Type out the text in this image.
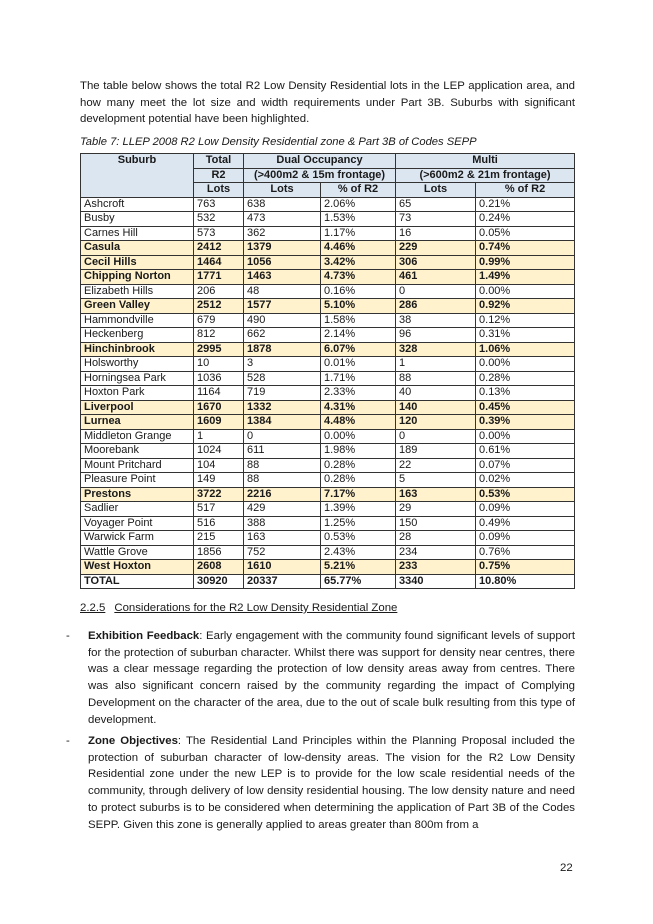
The table below shows the total R2 Low Density Residential lots in the LEP application area, and how many meet the lot size and width requirements under Part 3B. Suburbs with significant development potential have been highlighted.

Table 7: LLEP 2008 R2 Low Density Residential zone & Part 3B of Codes SEPP

Suburb	Total	Dual Occupancy		Multi	
	R2	(>400m2 & 15m frontage)		(>600m2 & 21m frontage)	
	Lots	Lots	% of R2	Lots	% of R2
Ashcroft	763	638	2.06%	65	0.21%
Busby	532	473	1.53%	73	0.24%
Carnes Hill	573	362	1.17%	16	0.05%
Casula	2412	1379	4.46%	229	0.74%
Cecil Hills	1464	1056	3.42%	306	0.99%
Chipping Norton	1771	1463	4.73%	461	1.49%
Elizabeth Hills	206	48	0.16%	0	0.00%
Green Valley	2512	1577	5.10%	286	0.92%
Hammondville	679	490	1.58%	38	0.12%
Heckenberg	812	662	2.14%	96	0.31%
Hinchinbrook	2995	1878	6.07%	328	1.06%
Holsworthy	10	3	0.01%	1	0.00%
Horningsea Park	1036	528	1.71%	88	0.28%
Hoxton Park	1164	719	2.33%	40	0.13%
Liverpool	1670	1332	4.31%	140	0.45%
Lurnea	1609	1384	4.48%	120	0.39%
Middleton Grange	1	0	0.00%	0	0.00%
Moorebank	1024	611	1.98%	189	0.61%
Mount Pritchard	104	88	0.28%	22	0.07%
Pleasure Point	149	88	0.28%	5	0.02%
Prestons	3722	2216	7.17%	163	0.53%
Sadlier	517	429	1.39%	29	0.09%
Voyager Point	516	388	1.25%	150	0.49%
Warwick Farm	215	163	0.53%	28	0.09%
Wattle Grove	1856	752	2.43%	234	0.76%
West Hoxton	2608	1610	5.21%	233	0.75%
TOTAL	30920	20337	65.77%	3340	10.80%

2.2.5 Considerations for the R2 Low Density Residential Zone

- Exhibition Feedback: Early engagement with the community found significant levels of support for the protection of suburban character. Whilst there was support for density near centres, there was a clear message regarding the protection of low density areas away from centres. There was also significant concern raised by the community regarding the impact of Complying Development on the character of the area, due to the out of scale bulk resulting from this type of development.

- Zone Objectives: The Residential Land Principles within the Planning Proposal included the protection of suburban character of low-density areas. The vision for the R2 Low Density Residential zone under the new LEP is to provide for the low scale residential needs of the community, through delivery of low density residential housing. The low density nature and need to protect suburbs is to be considered when determining the application of Part 3B of the Codes SEPP. Given this zone is generally applied to areas greater than 800m from a

22
